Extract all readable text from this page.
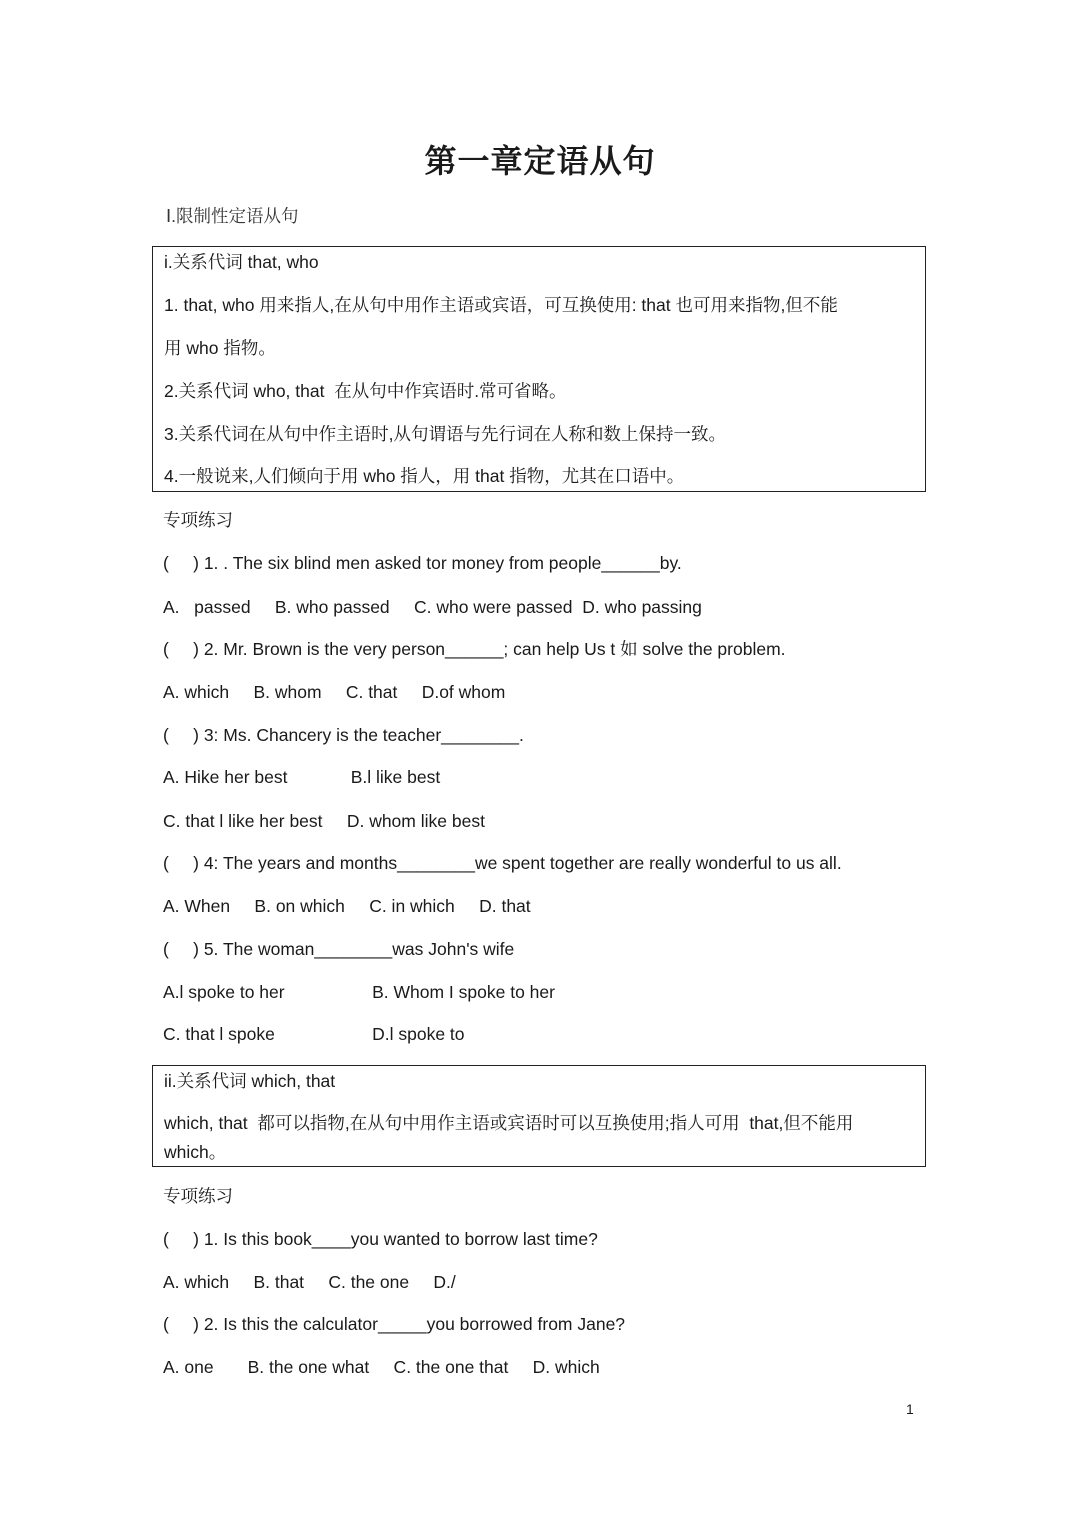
第一章定语从句
Ⅰ.限制性定语从句
i.关系代词 that, who
1. that, who 用来指人,在从句中用作主语或宾语，可互换使用: that 也可用来指物,但不能
用 who 指物。
2.关系代词 who, that  在从句中作宾语时.常可省略。
3.关系代词在从句中作主语时,从句谓语与先行词在人称和数上保持一致。
4.一般说来,人们倾向于用 who 指人，用 that 指物，尤其在口语中。
专项练习
(     ) 1. . The six blind men asked tor money from people______by.
A.   passed     B. who passed     C. who were passed  D. who passing
(     ) 2. Mr. Brown is the very person______; can help Us t 如 solve the problem.
A. which     B. whom     C. that     D.of whom
(     ) 3: Ms. Chancery is the teacher________.
A. Hike her best             B.l like best
C. that l like her best     D. whom like best
(     ) 4: The years and months________we spent together are really wonderful to us all.
A. When     B. on which     C. in which     D. that
(     ) 5. The woman________was John's wife
A.l spoke to her                  B. Whom I spoke to her
C. that l spoke                    D.l spoke to
ii.关系代词 which, that
which, that  都可以指物,在从句中用作主语或宾语时可以互换使用;指人可用  that,但不能用
which。
专项练习
(     ) 1. Is this book____you wanted to borrow last time?
A. which     B. that     C. the one     D./
(     ) 2. Is this the calculator_____you borrowed from Jane?
A. one       B. the one what     C. the one that     D. which
1
